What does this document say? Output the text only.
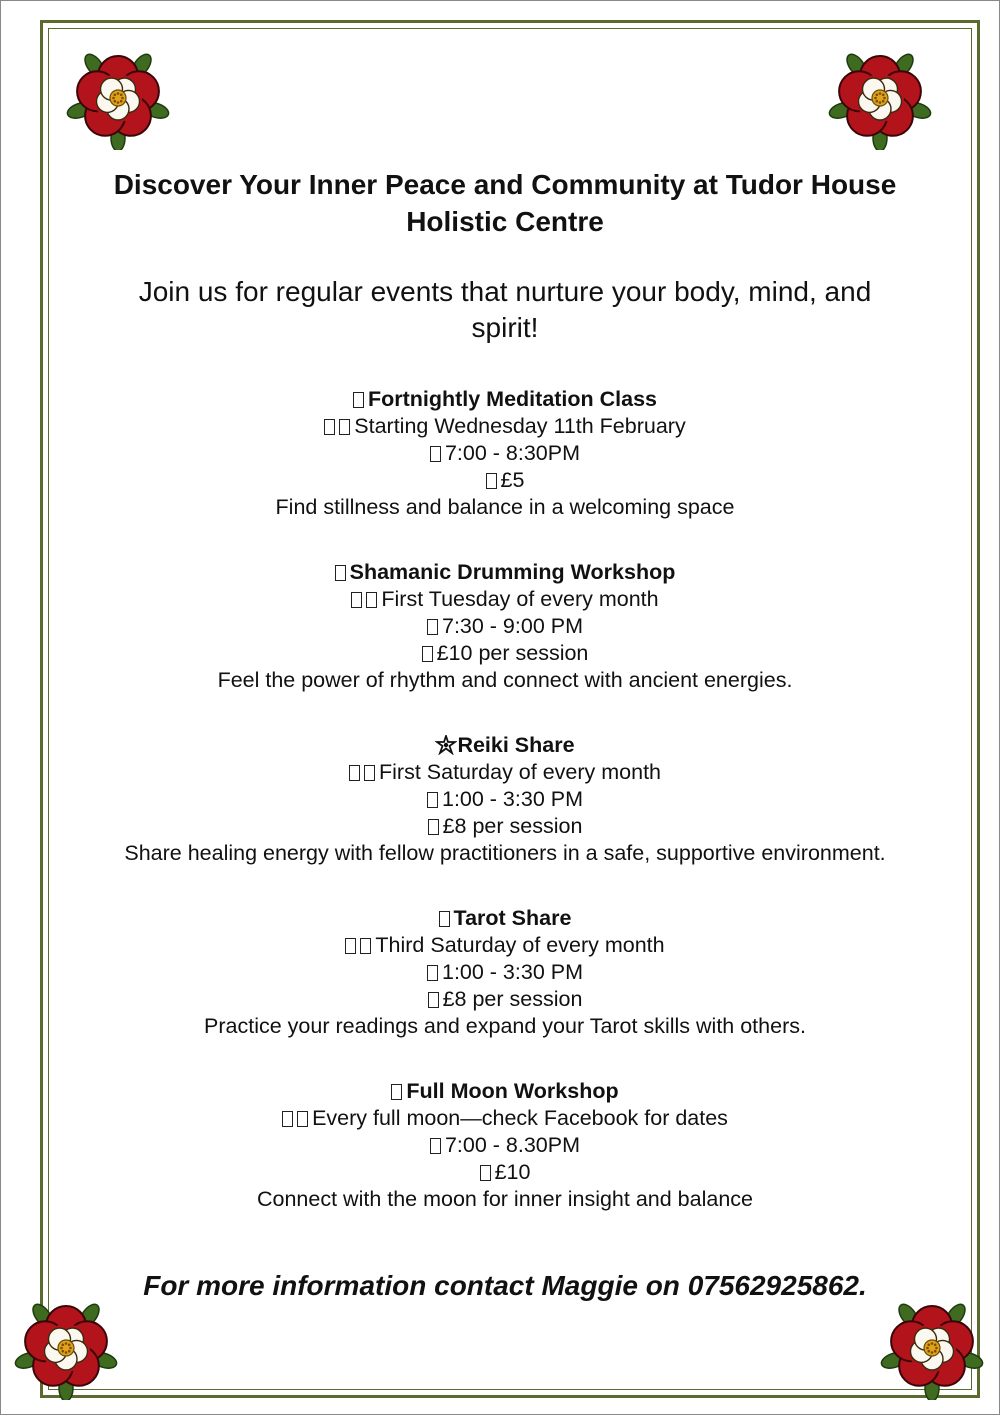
Discover Your Inner Peace and Community at Tudor House
Holistic Centre

Join us for regular events that nurture your body, mind, and
spirit!

Fortnightly Meditation Class
Starting Wednesday 11th February
7:00 - 8:30PM
£5
Find stillness and balance in a welcoming space
Shamanic Drumming Workshop
First Tuesday of every month
7:30 - 9:00 PM
£10 per session
Feel the power of rhythm and connect with ancient energies.
Reiki Share
First Saturday of every month
1:00 - 3:30 PM
£8 per session
Share healing energy with fellow practitioners in a safe, supportive environment.
Tarot Share
Third Saturday of every month
1:00 - 3:30 PM
£8 per session
Practice your readings and expand your Tarot skills with others.
Full Moon Workshop
Every full moon—check Facebook for dates
7:00 - 8.30PM
£10
Connect with the moon for inner insight and balance
For more information contact Maggie on 07562925862.
